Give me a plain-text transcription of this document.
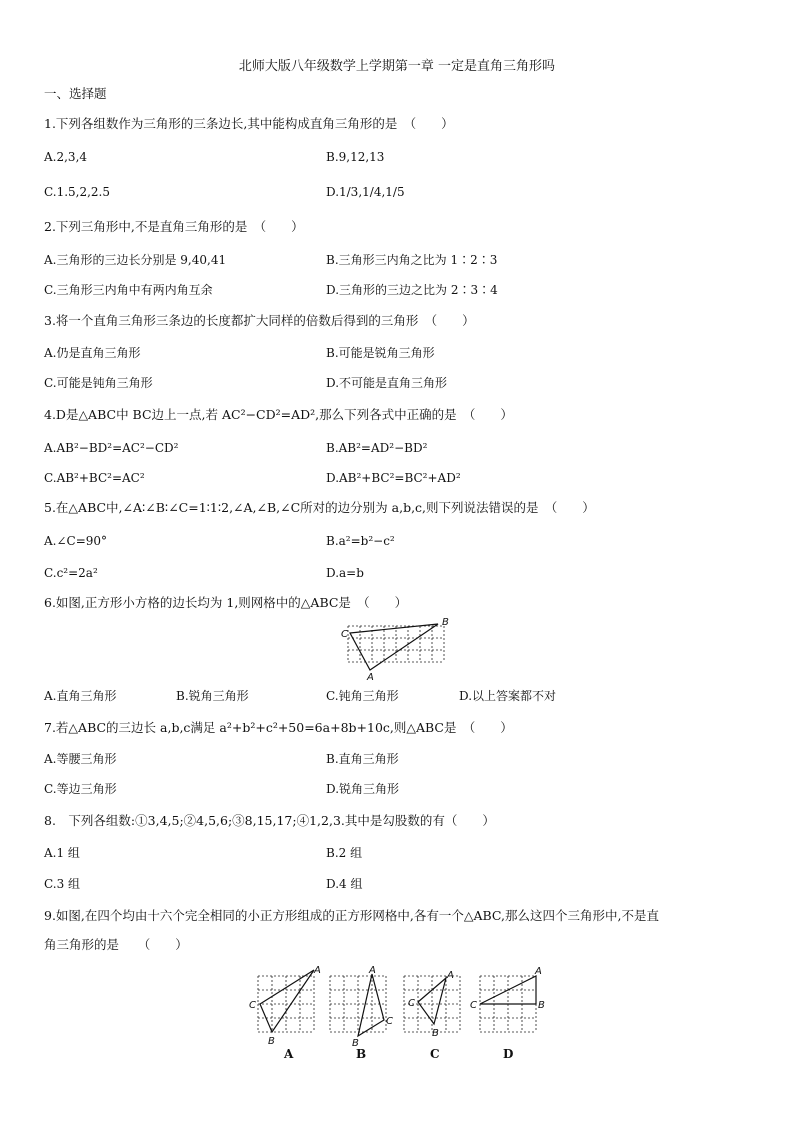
北师大版八年级数学上学期第一章 一定是直角三角形吗
一、选择题
1.下列各组数作为三角形的三条边长,其中能构成直角三角形的是　（　　）
A.2,3,4	B.9,12,13
C.1.5,2,2.5	D.1/3,1/4,1/5
2.下列三角形中,不是直角三角形的是　（　　）
A.三角形的三边长分别是 9,40,41	B.三角形三内角之比为 1∶2∶3
C.三角形三内角中有两内角互余	D.三角形的三边之比为 2∶3∶4
3.将一个直角三角形三条边的长度都扩大同样的倍数后得到的三角形　（　　）
A.仍是直角三角形	B.可能是锐角三角形
C.可能是钝角三角形	D.不可能是直角三角形
4.D是△ABC中 BC边上一点,若 AC²−CD²=AD²,那么下列各式中正确的是　（　　）
A.AB²−BD²=AC²−CD²	B.AB²=AD²−BD²
C.AB²+BC²=AC²	D.AB²+BC²=BC²+AD²
5.在△ABC中,∠A∶∠B∶∠C=1∶1∶2,∠A,∠B,∠C所对的边分别为 a,b,c,则下列说法错误的是　（　　）
A.∠C=90°	B.a²=b²−c²
C.c²=2a²	D.a=b
6.如图,正方形小方格的边长均为 1,则网格中的△ABC是　（　　）
C
B
A
A.直角三角形	B.锐角三角形	C.钝角三角形	D.以上答案都不对
7.若△ABC的三边长 a,b,c满足 a²+b²+c²+50=6a+8b+10c,则△ABC是　（　　）
A.等腰三角形	B.直角三角形
C.等边三角形	D.锐角三角形
8.　下列各组数:①3,4,5;②4,5,6;③8,15,17;④1,2,3.其中是勾股数的有（　　）
A.1 组	B.2 组
C.3 组	D.4 组
9.如图,在四个均由十六个完全相同的小正方形组成的正方形网格中,各有一个△ABC,那么这四个三角形中,不是直
角三角形的是　　（　　）
C
A
B
A
A
C
B
B
C
A
B
C
C
A
B
D
